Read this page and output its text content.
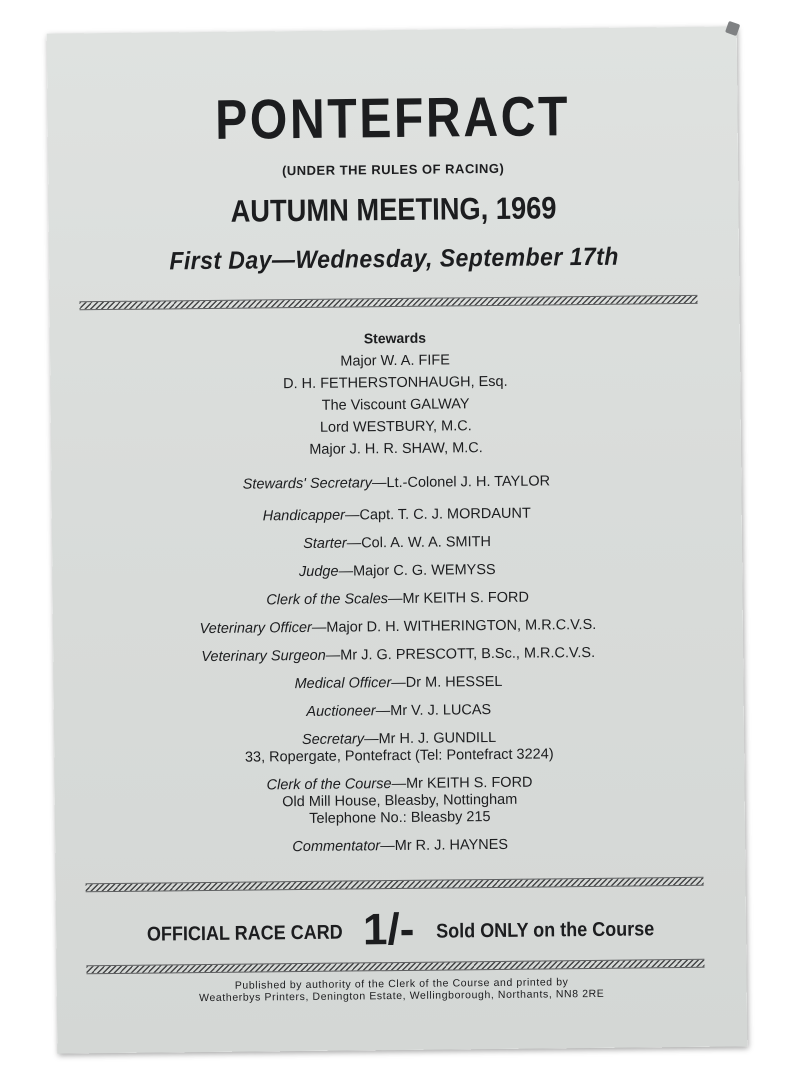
PONTEFRACT
(UNDER THE RULES OF RACING)
AUTUMN MEETING, 1969
First Day—Wednesday, September 17th
Stewards
Major W. A. FIFE
D. H. FETHERSTONHAUGH, Esq.
The Viscount GALWAY
Lord WESTBURY, M.C.
Major J. H. R. SHAW, M.C.
Stewards' Secretary—Lt.-Colonel J. H. TAYLOR
Handicapper—Capt. T. C. J. MORDAUNT
Starter—Col. A. W. A. SMITH
Judge—Major C. G. WEMYSS
Clerk of the Scales—Mr KEITH S. FORD
Veterinary Officer—Major D. H. WITHERINGTON, M.R.C.V.S.
Veterinary Surgeon—Mr J. G. PRESCOTT, B.Sc., M.R.C.V.S.
Medical Officer—Dr M. HESSEL
Auctioneer—Mr V. J. LUCAS
Secretary—Mr H. J. GUNDILL
33, Ropergate, Pontefract (Tel: Pontefract 3224)
Clerk of the Course—Mr KEITH S. FORD
Old Mill House, Bleasby, Nottingham
Telephone No.: Bleasby 215
Commentator—Mr R. J. HAYNES
OFFICIAL RACE CARD 1/- Sold ONLY on the Course
Published by authority of the Clerk of the Course and printed by
Weatherbys Printers, Denington Estate, Wellingborough, Northants, NN8 2RE
